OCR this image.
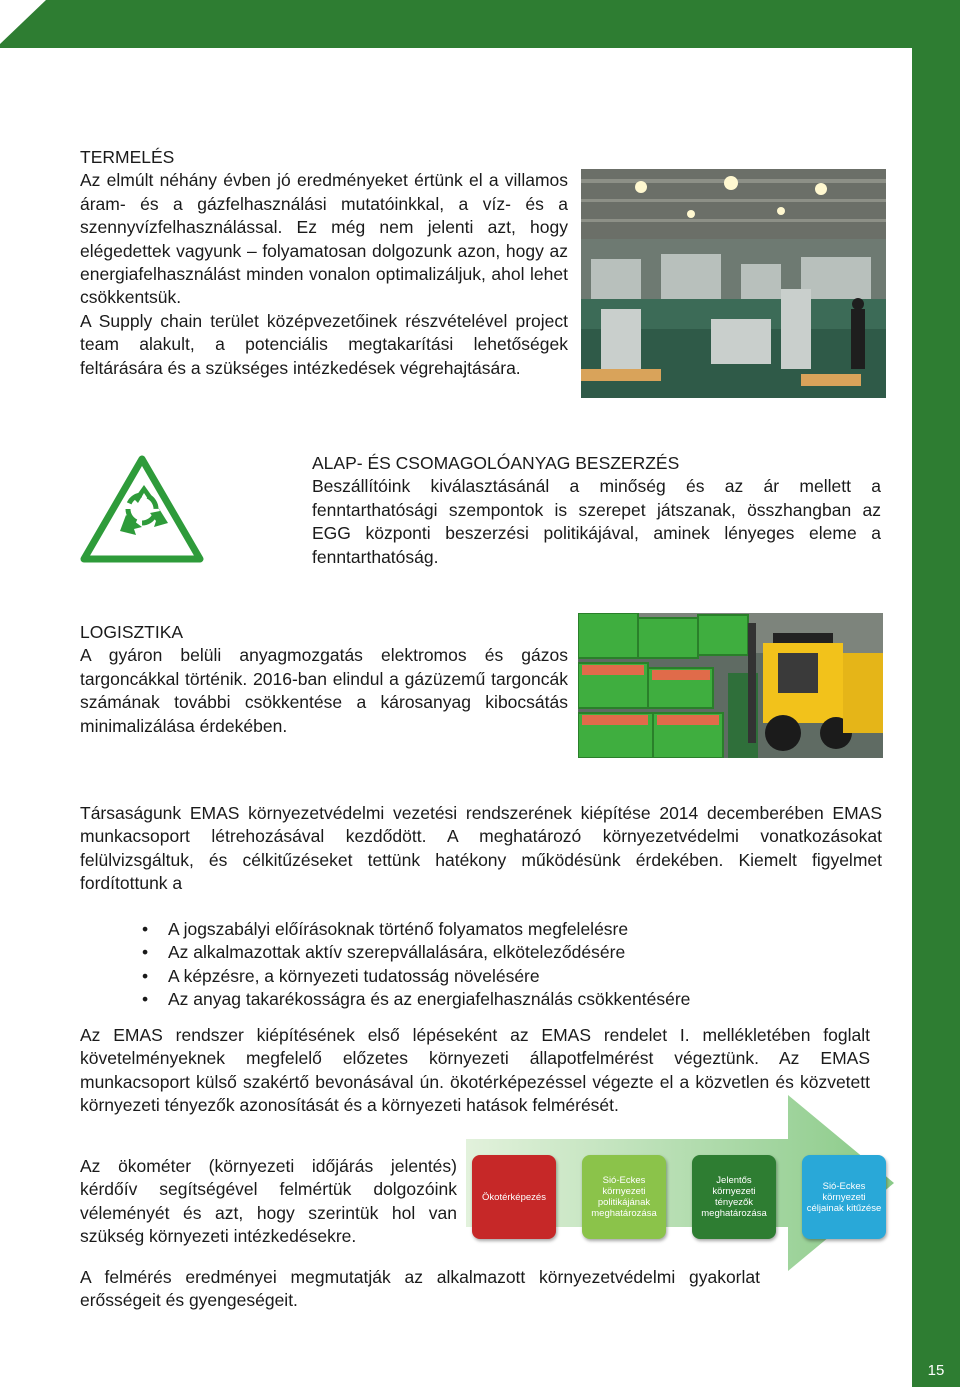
15

TERMELÉS

Az elmúlt néhány évben jó eredményeket értünk el a villamos áram- és a gázfelhasználási mutatóinkkal, a víz- és a szennyvízfelhasználással. Ez még nem jelenti azt, hogy elégedettek vagyunk – folyamatosan dolgozunk azon, hogy az energiafelhasználást minden vonalon optimalizáljuk, ahol lehet csökkentsük.

A Supply chain terület középvezetőinek részvételével project team alakult, a potenciális megtakarítási lehetőségek feltárására és a szükséges intézkedések végrehajtására.

ALAP- ÉS CSOMAGOLÓANYAG BESZERZÉS

Beszállítóink kiválasztásánál a minőség és az ár mellett a fenntarthatósági szempontok is szerepet játszanak, összhangban az EGG központi beszerzési politikájával, aminek lényeges eleme a fenntarthatóság.

LOGISZTIKA

A gyáron belüli anyagmozgatás elektromos és gázos targoncákkal történik. 2016-ban elindul a gázüzemű targoncák számának további csökkentése a károsanyag kibocsátás minimalizálása érdekében.

Társaságunk EMAS környezetvédelmi vezetési rendszerének kiépítése 2014 decemberében EMAS munkacsoport létrehozásával kezdődött. A meghatározó környezetvédelmi vonatkozásokat felülvizsgáltuk, és célkitűzéseket tettünk hatékony működésünk érdekében. Kiemelt figyelmet fordítottunk a
• A jogszabályi előírásoknak történő folyamatos megfelelésre
• Az alkalmazottak aktív szerepvállalására, elköteleződésére
• A képzésre, a környezeti tudatosság növelésére
• Az anyag takarékosságra és az energiafelhasználás csökkentésére
Az EMAS rendszer kiépítésének első lépéseként az EMAS rendelet I. mellékletében foglalt követelményeknek megfelelő előzetes környezeti állapotfelmérést végeztünk. Az EMAS munkacsoport külső szakértő bevonásával ún. ökotérképezéssel végezte el a közvetlen és közvetett környezeti tényezők azonosítását és a környezeti hatások felmérését.
Az ökométer (környezeti időjárás jelentés) kérdőív segítségével felmértük dolgozóink véleményét és azt, hogy szerintük hol van szükség környezeti intézkedésekre.
Ökotérképezés
Sió-Eckes környezeti politikájának meghatározása
Jelentős környezeti tényezők meghatározása
Sió-Eckes környezeti céljainak kitűzése
A felmérés eredményei megmutatják az alkalmazott környezetvédelmi gyakorlat erősségeit és gyengeségeit.
